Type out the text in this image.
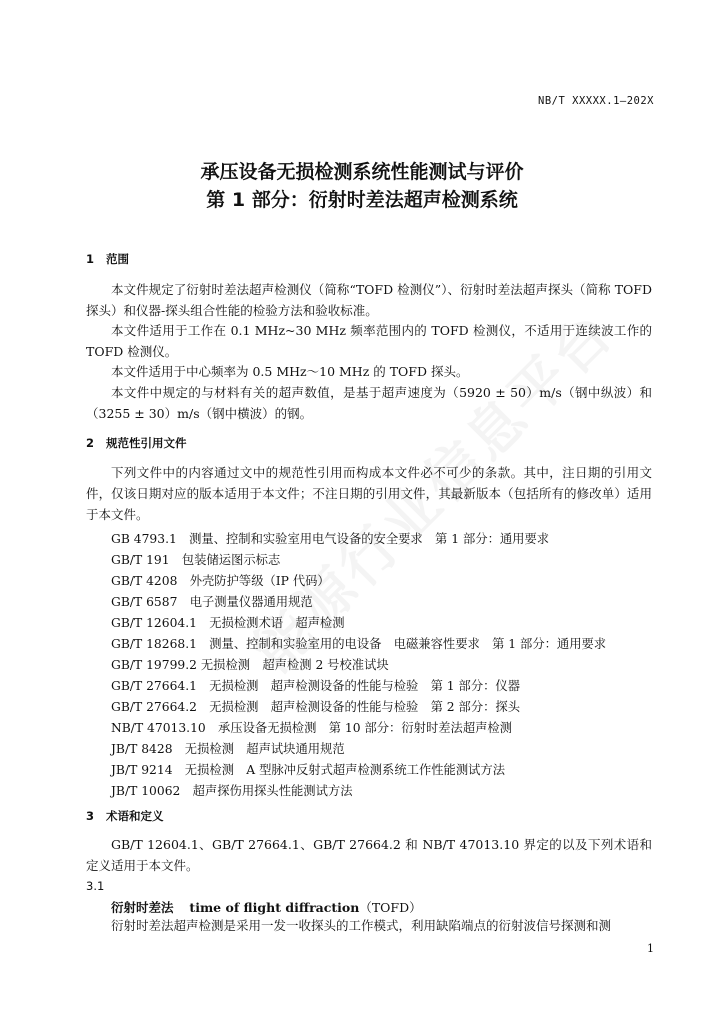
NB/T XXXXX.1—202X
承压设备无损检测系统性能测试与评价
第 1 部分：衍射时差法超声检测系统
1 范围
本文件规定了衍射时差法超声检测仪（简称“TOFD 检测仪”）、衍射时差法超声探头（简称 TOFD 探头）和仪器-探头组合性能的检验方法和验收标准。
本文件适用于工作在 0.1 MHz~30 MHz 频率范围内的 TOFD 检测仪，不适用于连续波工作的 TOFD 检测仪。
本文件适用于中心频率为 0.5 MHz～10 MHz 的 TOFD 探头。
本文件中规定的与材料有关的超声数值，是基于超声速度为（5920 ± 50）m/s（钢中纵波）和（3255 ± 30）m/s（钢中横波）的钢。
2 规范性引用文件
下列文件中的内容通过文中的规范性引用而构成本文件必不可少的条款。其中，注日期的引用文件，仅该日期对应的版本适用于本文件；不注日期的引用文件，其最新版本（包括所有的修改单）适用于本文件。
GB 4793.1　测量、控制和实验室用电气设备的安全要求　第 1 部分：通用要求
GB/T 191　包装储运图示标志
GB/T 4208　外壳防护等级（IP 代码）
GB/T 6587　电子测量仪器通用规范
GB/T 12604.1　无损检测术语　超声检测
GB/T 18268.1　测量、控制和实验室用的电设备　电磁兼容性要求　第 1 部分：通用要求
GB/T 19799.2 无损检测　超声检测 2 号校准试块
GB/T 27664.1　无损检测　超声检测设备的性能与检验　第 1 部分：仪器
GB/T 27664.2　无损检测　超声检测设备的性能与检验　第 2 部分：探头
NB/T 47013.10　承压设备无损检测　第 10 部分：衍射时差法超声检测
JB/T 8428　无损检测　超声试块通用规范
JB/T 9214　无损检测　A 型脉冲反射式超声检测系统工作性能测试方法
JB/T 10062　超声探伤用探头性能测试方法
3 术语和定义
GB/T 12604.1、GB/T 27664.1、GB/T 27664.2 和 NB/T 47013.10 界定的以及下列术语和定义适用于本文件。
3.1
衍射时差法 time of flight diffraction（TOFD）
衍射时差法超声检测是采用一发一收探头的工作模式，利用缺陷端点的衍射波信号探测和测
1
